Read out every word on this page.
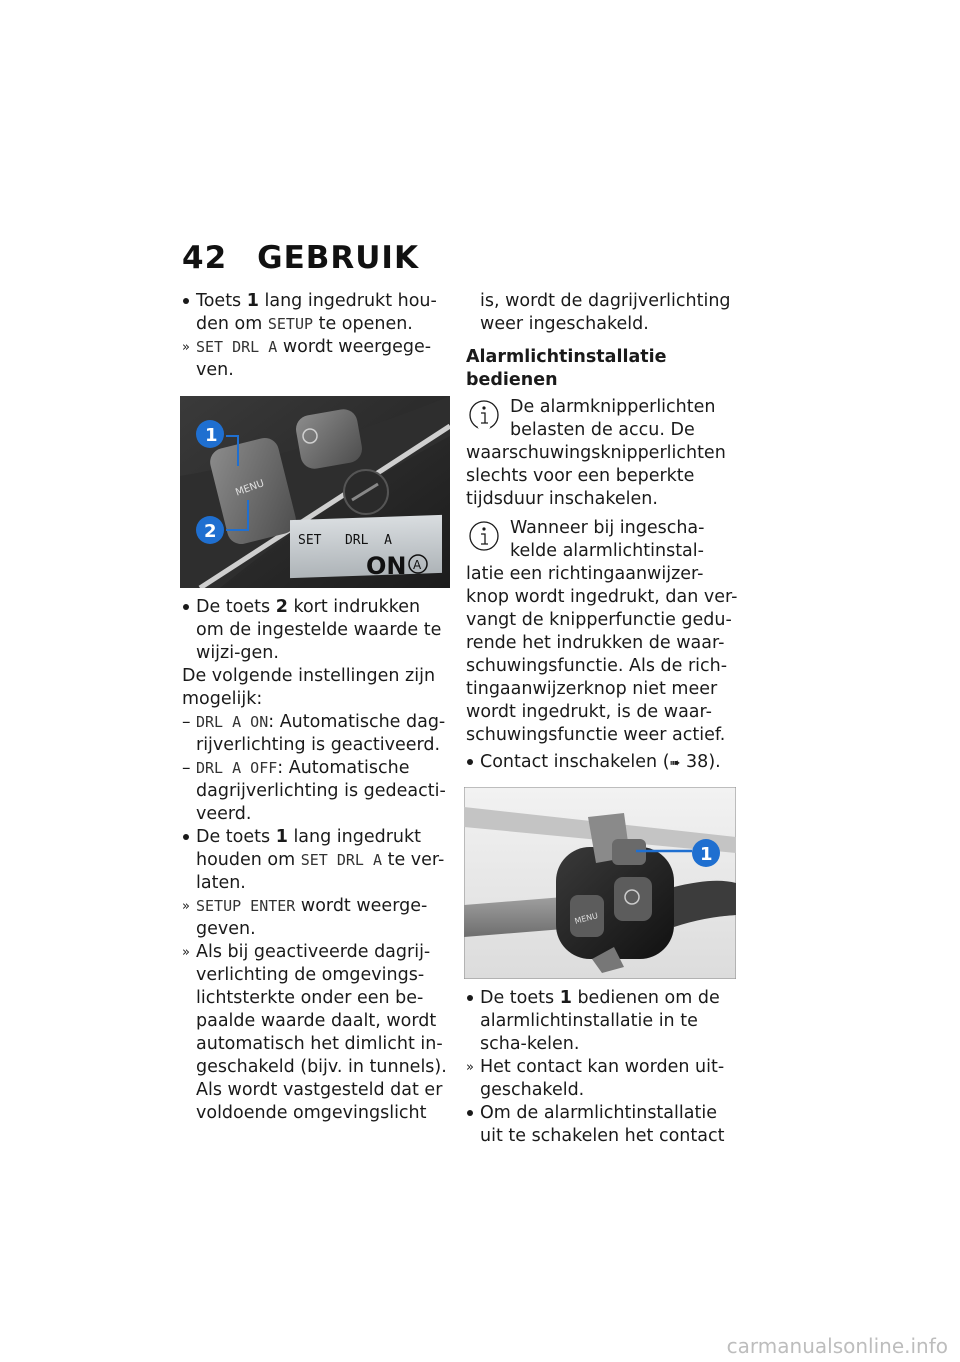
42 GEBRUIK
Toets 1 lang ingedrukt hou-den om SETUP te openen.
» SET DRL A wordt weergege-ven.
MENU
SET   DRL  A
ON A
1
2
De toets 2 kort indrukken om de ingestelde waarde te wijzi-gen.
De volgende instellingen zijn mogelijk:
– DRL A ON: Automatische dag-rijverlichting is geactiveerd.
– DRL A OFF: Automatische dagrijverlichting is gedeacti-veerd.
De toets 1 lang ingedrukt houden om SET DRL A te ver-laten.
» SETUP ENTER wordt weerge-geven.
» Als bij geactiveerde dagrij-verlichting de omgevings-lichtsterkte onder een be-paalde waarde daalt, wordt automatisch het dimlicht in-geschakeld (bijv. in tunnels). Als wordt vastgesteld dat er voldoende omgevingslicht
is, wordt de dagrijverlichting weer ingeschakeld.
Alarmlichtinstallatie bedienen
De alarmknipperlichten belasten de accu. De waarschuwingsknipperlichten slechts voor een beperkte tijdsduur inschakelen.
Wanneer bij ingescha-kelde alarmlichtinstal-latie een richtingaanwijzer-knop wordt ingedrukt, dan ver-vangt de knipperfunctie gedu-rende het indrukken de waar-schuwingsfunctie. Als de rich-tingaanwijzerknop niet meer wordt ingedrukt, is de waar-schuwingsfunctie weer actief.
Contact inschakelen (➠ 38).
MENU
1
De toets 1 bedienen om de alarmlichtinstallatie in te scha-kelen.
» Het contact kan worden uit-geschakeld.
Om de alarmlichtinstallatie uit te schakelen het contact
carmanualsonline.info
